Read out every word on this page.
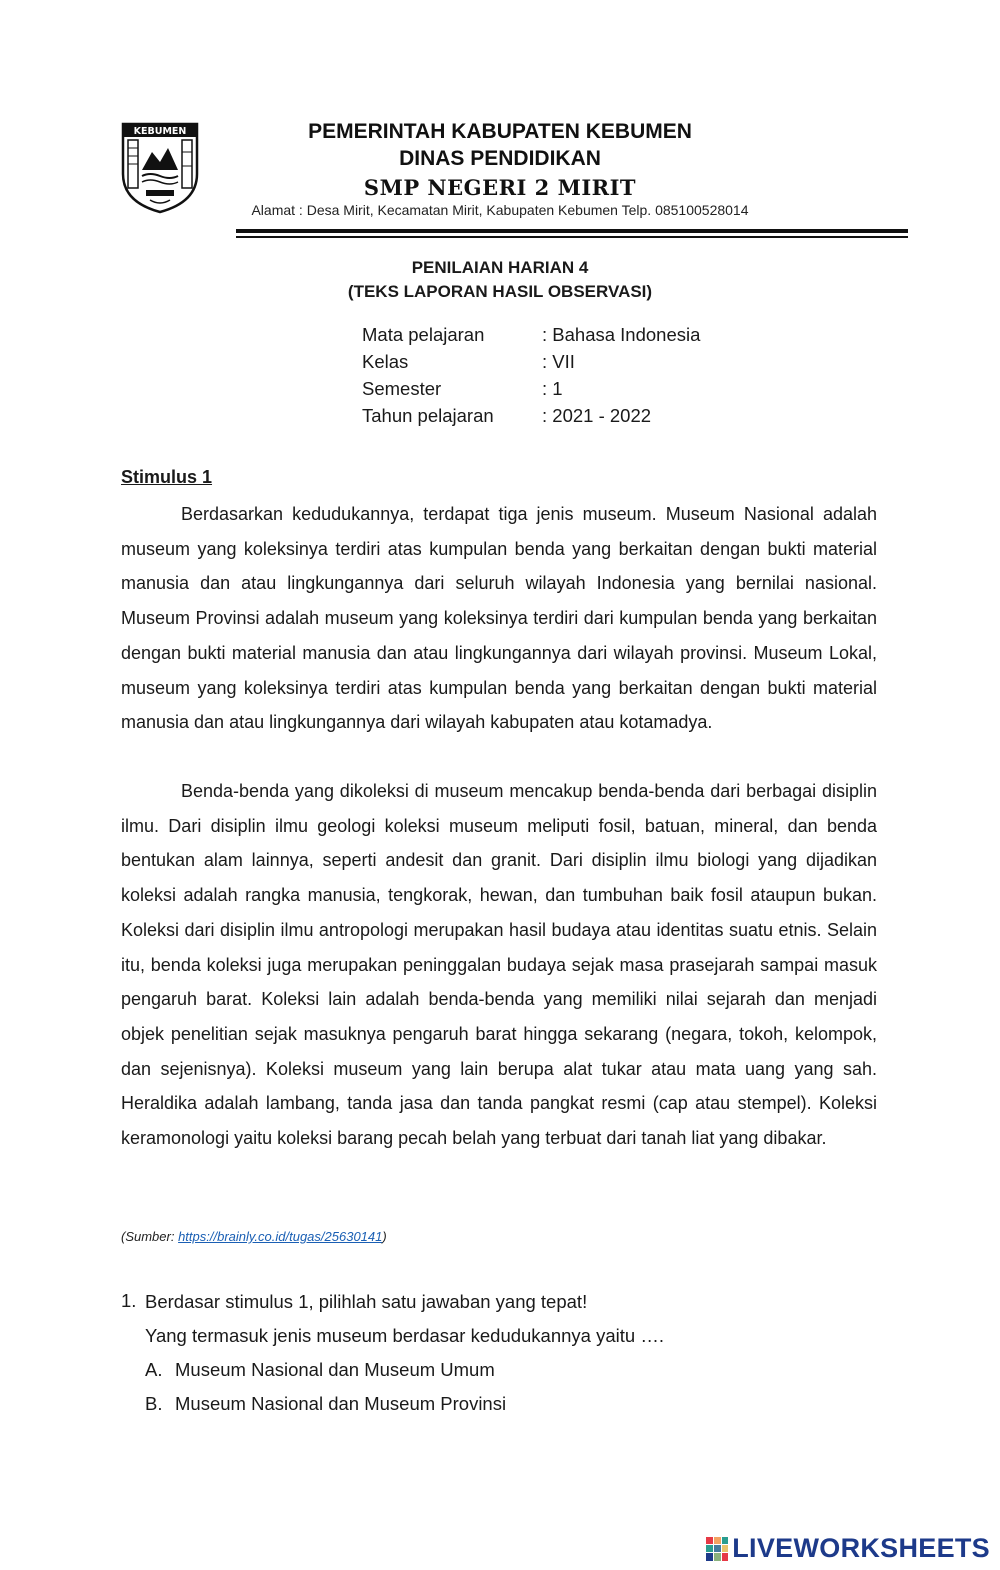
KEBUMEN	PEMERINTAH KABUPATEN KEBUMEN
DINAS PENDIDIKAN
SMP NEGERI 2 MIRIT
Alamat : Desa Mirit, Kecamatan Mirit, Kabupaten Kebumen Telp. 085100528014
PENILAIAN HARIAN 4
(TEKS LAPORAN HASIL OBSERVASI)
Mata pelajaran	: Bahasa Indonesia
Kelas	: VII
Semester	: 1
Tahun pelajaran	: 2021 - 2022
Stimulus 1
Berdasarkan kedudukannya, terdapat tiga jenis museum. Museum Nasional adalah museum yang koleksinya terdiri atas kumpulan benda yang berkaitan dengan bukti material manusia dan atau lingkungannya dari seluruh wilayah Indonesia yang bernilai nasional. Museum Provinsi adalah museum yang koleksinya terdiri dari kumpulan benda yang berkaitan dengan bukti material manusia dan atau lingkungannya dari wilayah provinsi. Museum Lokal, museum yang koleksinya terdiri atas kumpulan benda yang berkaitan dengan bukti material manusia dan atau lingkungannya dari wilayah kabupaten atau kotamadya.
Benda-benda yang dikoleksi di museum mencakup benda-benda dari berbagai disiplin ilmu. Dari disiplin ilmu geologi koleksi museum meliputi fosil, batuan, mineral, dan benda bentukan alam lainnya, seperti andesit dan granit. Dari disiplin ilmu biologi yang dijadikan koleksi adalah rangka manusia, tengkorak, hewan, dan tumbuhan baik fosil ataupun bukan. Koleksi dari disiplin ilmu antropologi merupakan hasil budaya atau identitas suatu etnis. Selain itu, benda koleksi juga merupakan peninggalan budaya sejak masa prasejarah sampai masuk pengaruh barat. Koleksi lain adalah benda-benda yang memiliki nilai sejarah dan menjadi objek penelitian sejak masuknya pengaruh barat hingga sekarang (negara, tokoh, kelompok, dan sejenisnya). Koleksi museum yang lain berupa alat tukar atau mata uang yang sah. Heraldika adalah lambang, tanda jasa dan tanda pangkat resmi (cap atau stempel). Koleksi keramonologi yaitu koleksi barang pecah belah yang terbuat dari tanah liat yang dibakar.
(Sumber: https://brainly.co.id/tugas/25630141)
1. Berdasar stimulus 1, pilihlah satu jawaban yang tepat!
Yang termasuk jenis museum berdasar kedudukannya yaitu ….
A. Museum Nasional dan Museum Umum
B. Museum Nasional dan Museum Provinsi
LIVEWORKSHEETS
